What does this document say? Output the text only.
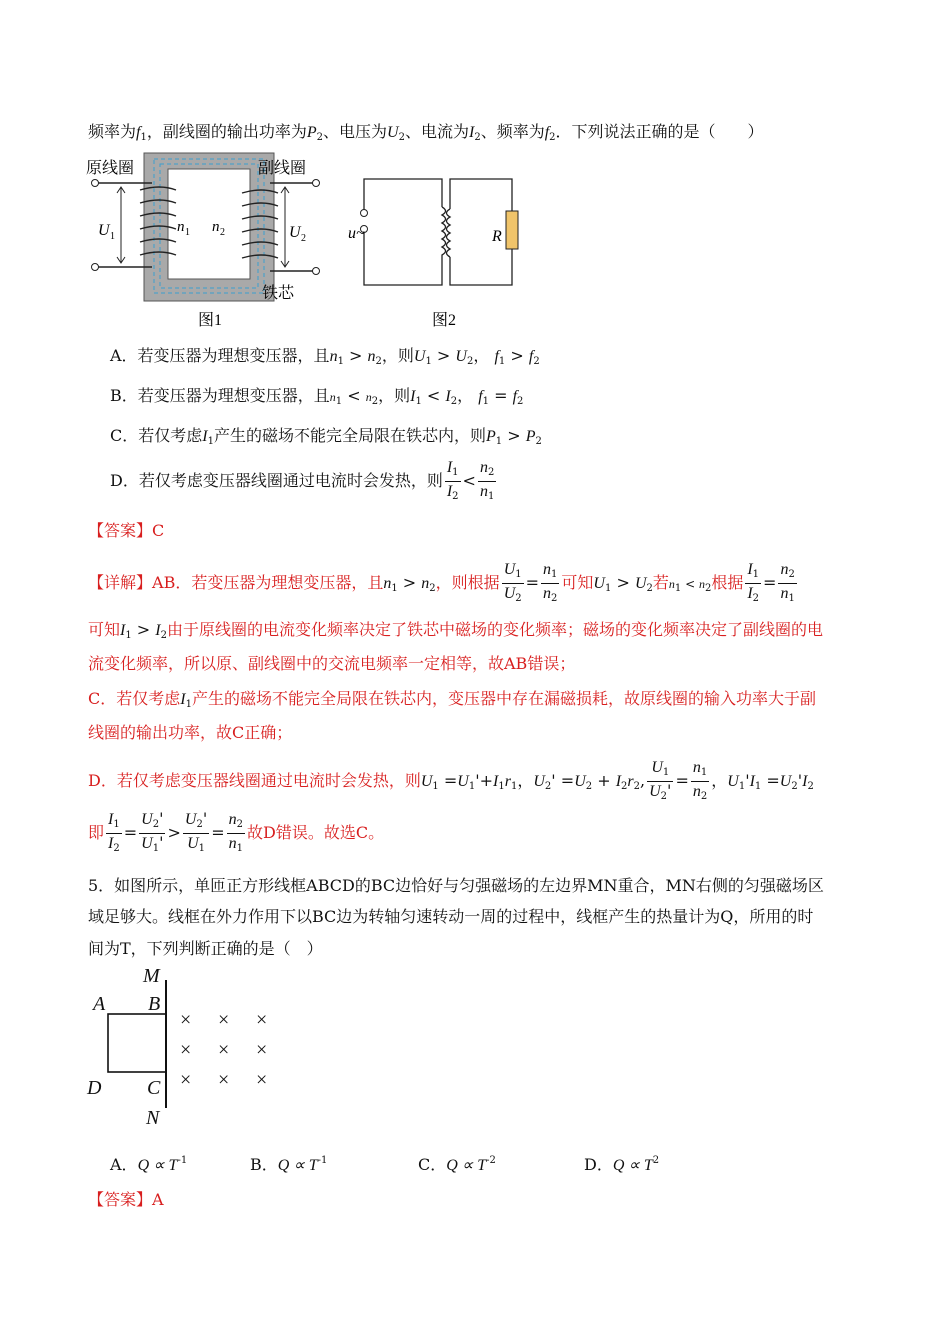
频率为$f_1$，副线圈的输出功率为$P_2$、电压为$U_2$、电流为$I_2$、频率为$f_2$．下列说法正确的是（　　）
U 1
n 1 n 2	U 2
原线圈	副线圈
铁芯
图1
u~	R
图2
A．若变压器为理想变压器，且$n_1 > n_2$，则$U_1 > U_2$， $f_1 > f_2$
B．若变压器为理想变压器，且$n_1 < n_2$，则$I_1 < I_2$， $f_1 = f_2$
C．若仅考虑$I_1$产生的磁场不能完全局限在铁芯内，则$P_1 > P_2$
D．若仅考虑变压器线圈通过电流时会发热，则 $\frac{I_1}{I_2} < \frac{n_2}{n_1}$
【答案】C
【详解】AB．若变压器为理想变压器，且$n_1 > n_2$，则根据 $\frac{U_1}{U_2} = \frac{n_1}{n_2}$ 可知$U_1 > U_2$若$n_1 < n_2$根据 $\frac{I_1}{I_2} = \frac{n_2}{n_1}$
可知$I_1 > I_2$由于原线圈的电流变化频率决定了铁芯中磁场的变化频率；磁场的变化频率决定了副线圈的电
流变化频率，所以原、副线圈中的交流电频率一定相等，故AB错误；
C．若仅考虑$I_1$产生的磁场不能完全局限在铁芯内，变压器中存在漏磁损耗，故原线圈的输入功率大于副
线圈的输出功率，故C正确；
D．若仅考虑变压器线圈通过电流时会发热，则$U_1 =U_1'+I_1r_1$，$U_2' =U_2 + I_2r_2$, $\frac{U_1}{U_2'} = \frac{n_1}{n_2}$ ，$U_1'I_1 =U_2'I_2$
即 $\frac{I_1}{I_2} = \frac{U_2'}{U_1'} > \frac{U_2'}{U_1} = \frac{n_2}{n_1}$ 故D错误。故选C。
5．如图所示，单匝正方形线框ABCD的BC边恰好与匀强磁场的左边界MN重合，MN右侧的匀强磁场区
域足够大。线框在外力作用下以BC边为转轴匀速转动一周的过程中，线框产生的热量计为Q，所用的时
间为T，下列判断正确的是（　）
× × ×
× × ×
× × ×
M
A B
D C
N
A．$Q \propto T^{-1}$	B．$Q \propto T^{-1}$	C．$Q \propto T^{-2}$	D．$Q \propto T^2$
【答案】A
